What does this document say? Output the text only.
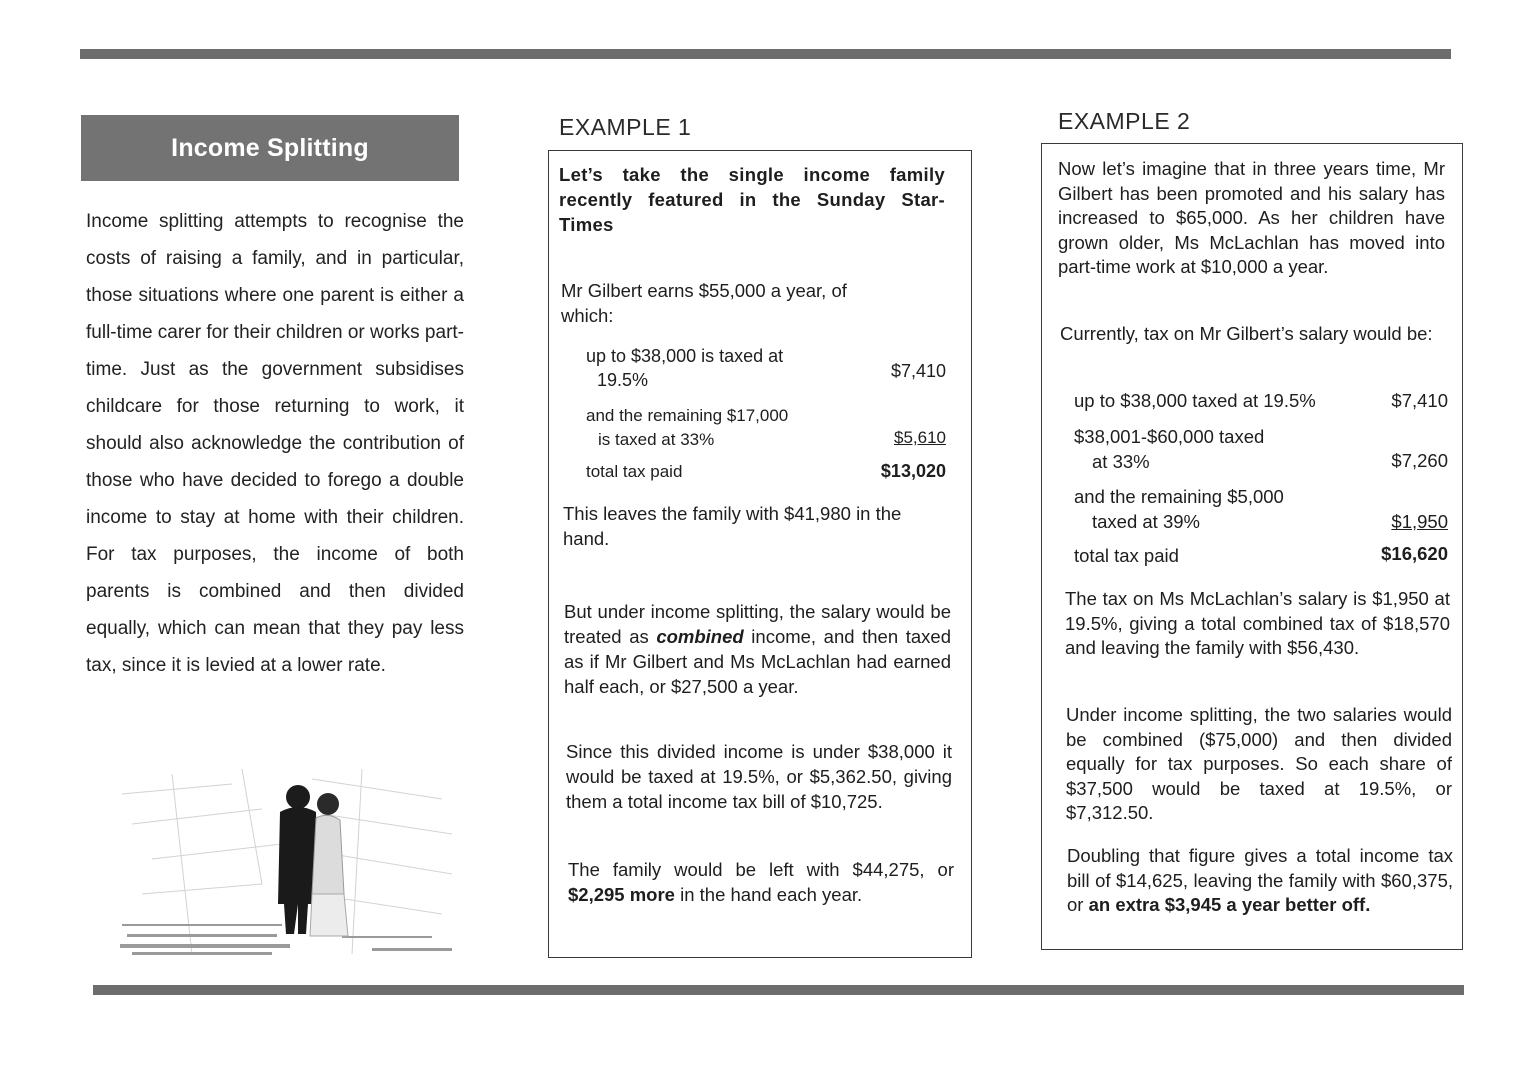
Income Splitting

Income splitting attempts to recognise the costs of raising a family, and in particular, those situations where one parent is either a full-time carer for their children or works part-time. Just as the government subsidises childcare for those returning to work, it should also acknowledge the contribution of those who have decided to forego a double income to stay at home with their children. For tax purposes, the income of both parents is combined and then divided equally, which can mean that they pay less tax, since it is levied at a lower rate.

EXAMPLE 1

Let’s take the single income family recently featured in the Sunday Star-Times

Mr Gilbert earns $55,000 a year, of which:

up to $38,000 is taxed at
19.5%	$7,410
and the remaining $17,000
is taxed at 33%	$5,610
total tax paid	$13,020

This leaves the family with $41,980 in the hand.

But under income splitting, the salary would be treated as combined income, and then taxed as if Mr Gilbert and Ms McLachlan had earned half each, or $27,500 a year.

Since this divided income is under $38,000 it would be taxed at 19.5%, or $5,362.50, giving them a total income tax bill of $10,725.

The family would be left with $44,275, or $2,295 more in the hand each year.

EXAMPLE 2

Now let’s imagine that in three years time, Mr Gilbert has been promoted and his salary has increased to $65,000. As her children have grown older, Ms McLachlan has moved into part-time work at $10,000 a year.

Currently, tax on Mr Gilbert’s salary would be:

up to $38,000 taxed at 19.5%	$7,410
$38,001-$60,000 taxed
at 33%	$7,260
and the remaining $5,000
taxed at 39%	$1,950
total tax paid	$16,620

The tax on Ms McLachlan’s salary is $1,950 at 19.5%, giving a total combined tax of $18,570 and leaving the family with $56,430.

Under income splitting, the two salaries would be combined ($75,000) and then divided equally for tax purposes. So each share of $37,500 would be taxed at 19.5%, or $7,312.50.

Doubling that figure gives a total income tax bill of $14,625, leaving the family with $60,375, or an extra $3,945 a year better off.
